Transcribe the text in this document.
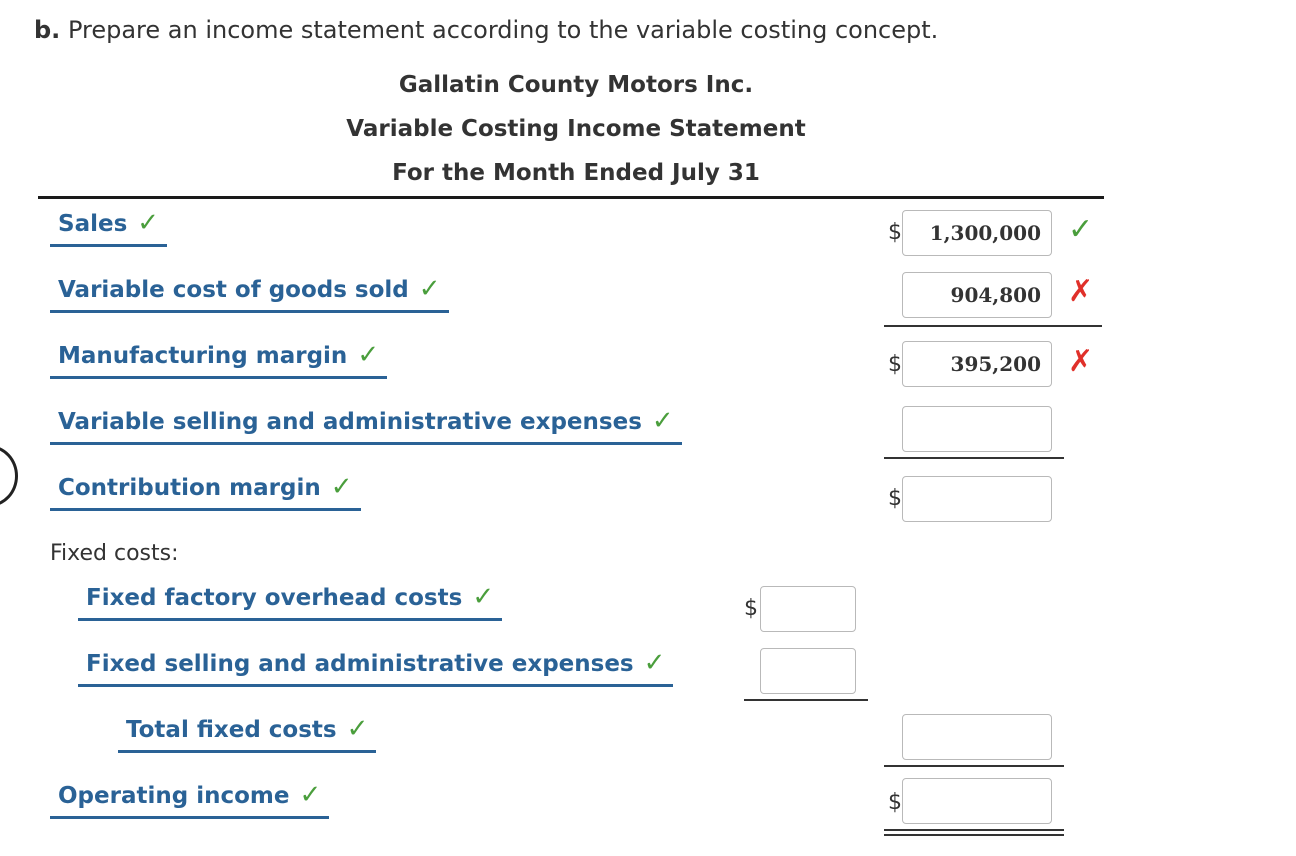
b. Prepare an income statement according to the variable costing concept.
Gallatin County Motors Inc.
Variable Costing Income Statement
For the Month Ended July 31
Sales ✓	$	1,300,000 ✓
Variable cost of goods sold ✓	904,800 ✗
Manufacturing margin ✓	$	395,200 ✗
Variable selling and administrative expenses ✓
Contribution margin ✓	$
Fixed costs:
Fixed factory overhead costs ✓	$
Fixed selling and administrative expenses ✓
Total fixed costs ✓
Operating income ✓	$
